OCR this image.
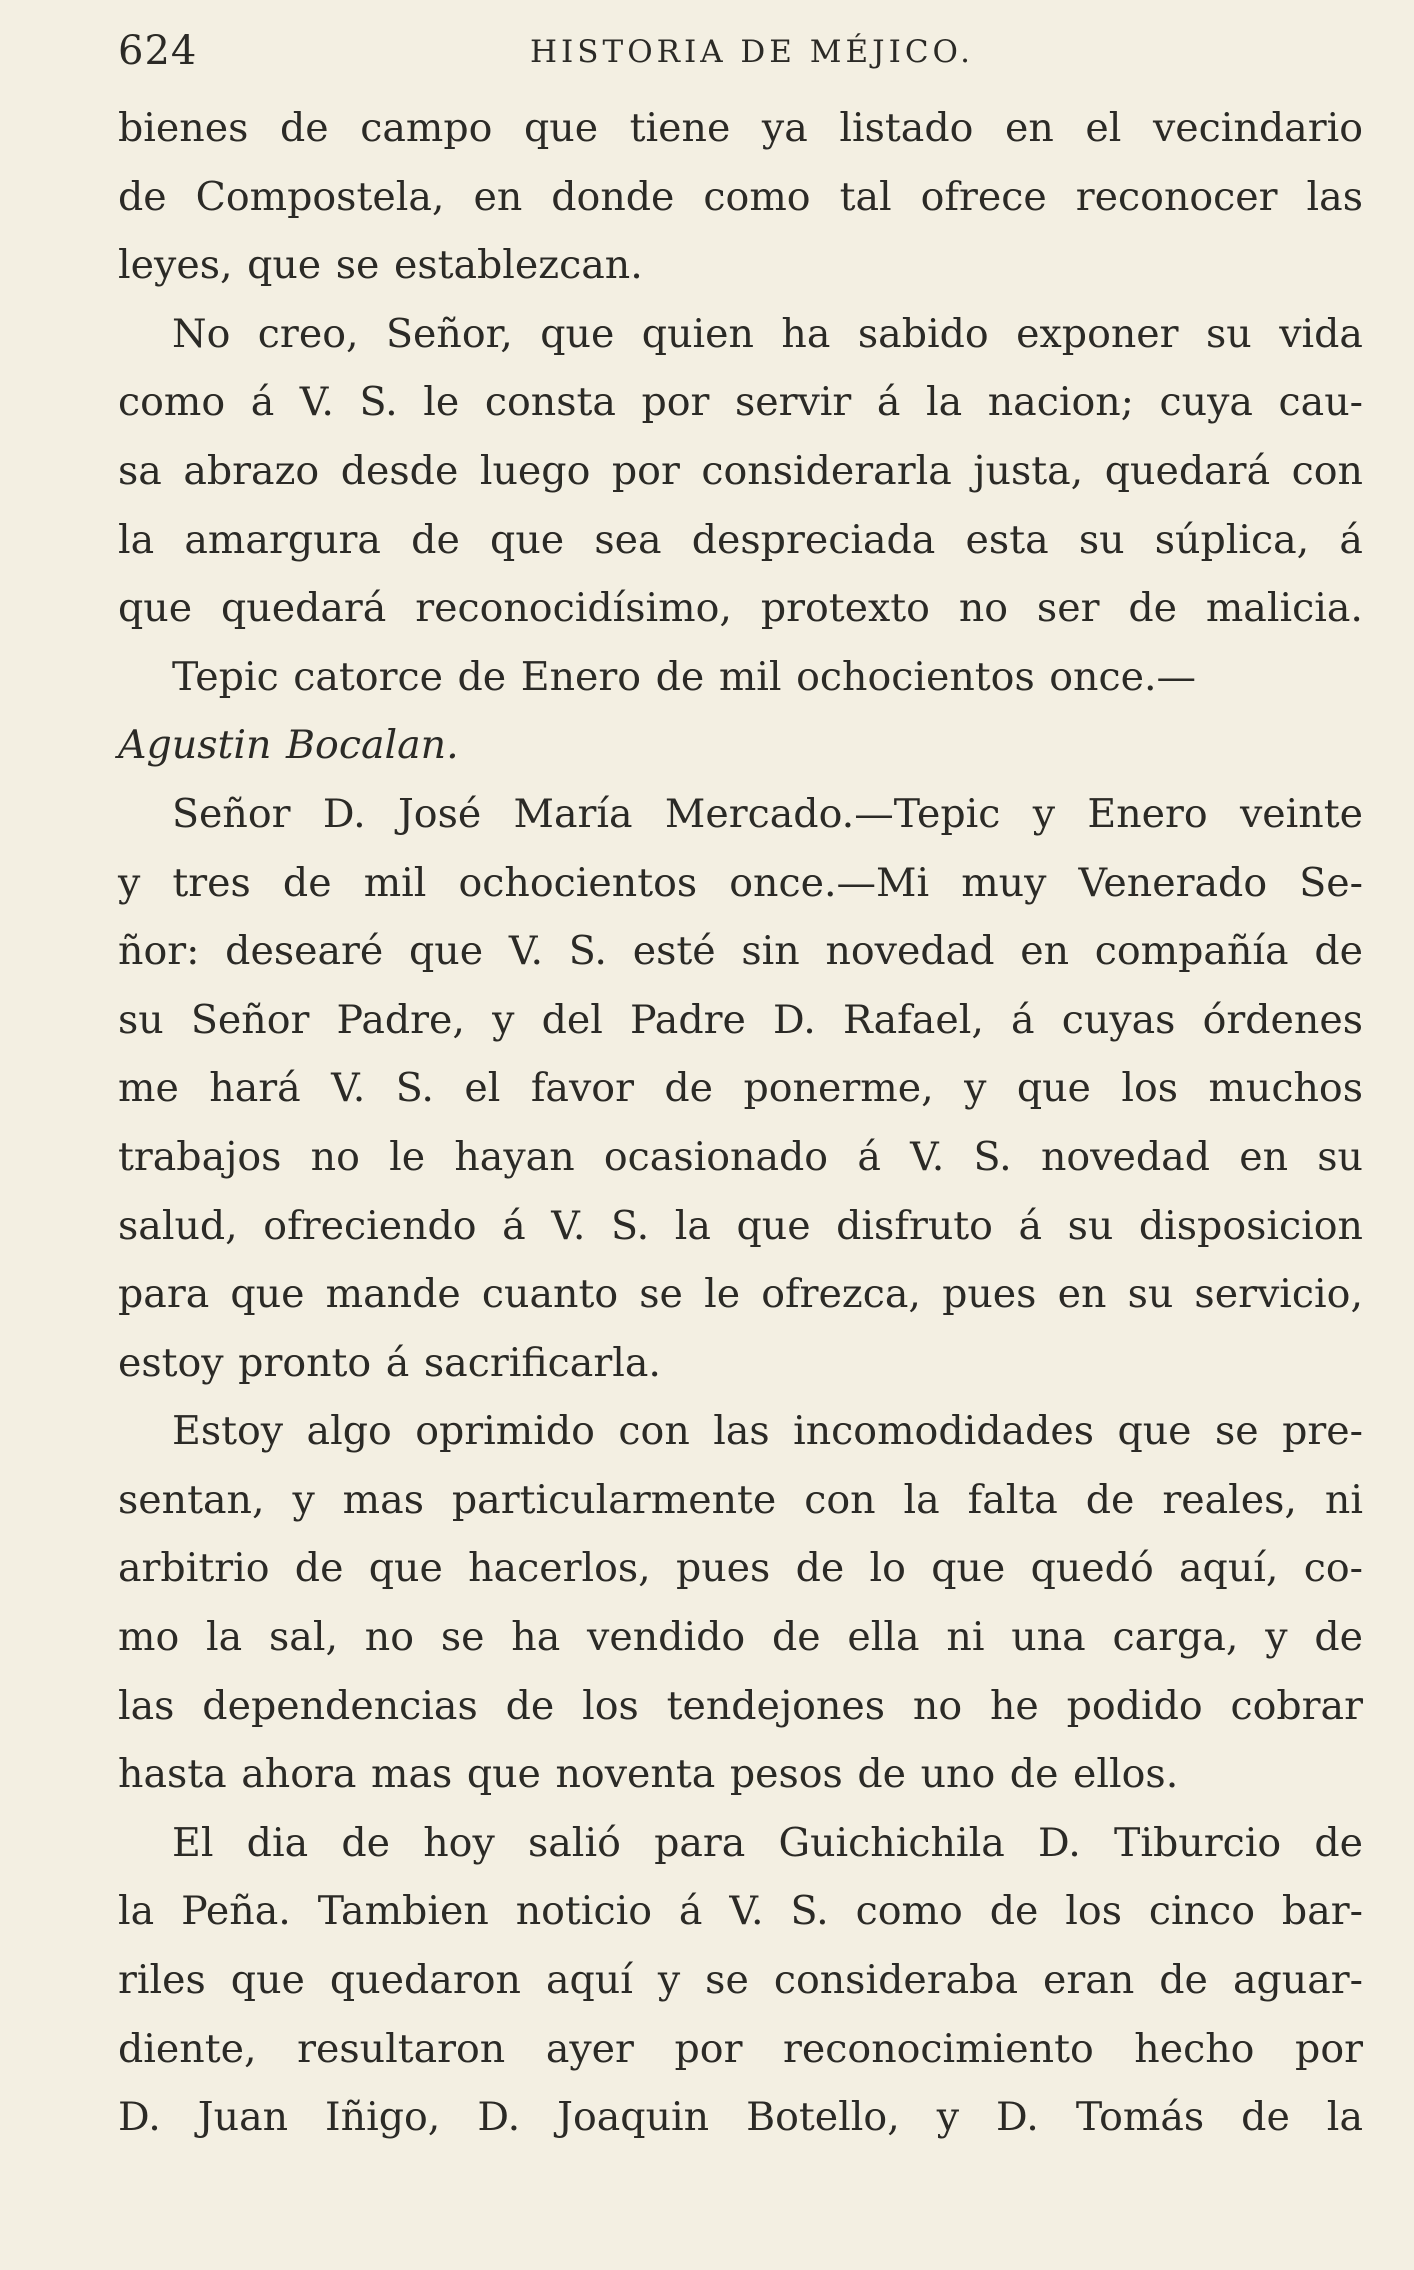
624	HISTORIA DE MÉJICO.
bienes de campo que tiene ya listado en el vecindario
de Compostela, en donde como tal ofrece reconocer las
leyes, que se establezcan.
No creo, Señor, que quien ha sabido exponer su vida
como á V. S. le consta por servir á la nacion; cuya cau-
sa abrazo desde luego por considerarla justa, quedará con
la amargura de que sea despreciada esta su súplica, á
que quedará reconocidísimo, protexto no ser de malicia.
Tepic catorce de Enero de mil ochocientos once.—
Agustin Bocalan.
Señor D. José María Mercado.—Tepic y Enero veinte
y tres de mil ochocientos once.—Mi muy Venerado Se-
ñor: desearé que V. S. esté sin novedad en compañía de
su Señor Padre, y del Padre D. Rafael, á cuyas órdenes
me hará V. S. el favor de ponerme, y que los muchos
trabajos no le hayan ocasionado á V. S. novedad en su
salud, ofreciendo á V. S. la que disfruto á su disposicion
para que mande cuanto se le ofrezca, pues en su servicio,
estoy pronto á sacrificarla.
Estoy algo oprimido con las incomodidades que se pre-
sentan, y mas particularmente con la falta de reales, ni
arbitrio de que hacerlos, pues de lo que quedó aquí, co-
mo la sal, no se ha vendido de ella ni una carga, y de
las dependencias de los tendejones no he podido cobrar
hasta ahora mas que noventa pesos de uno de ellos.
El dia de hoy salió para Guichichila D. Tiburcio de
la Peña. Tambien noticio á V. S. como de los cinco bar-
riles que quedaron aquí y se consideraba eran de aguar-
diente, resultaron ayer por reconocimiento hecho por
D. Juan Iñigo, D. Joaquin Botello, y D. Tomás de la
